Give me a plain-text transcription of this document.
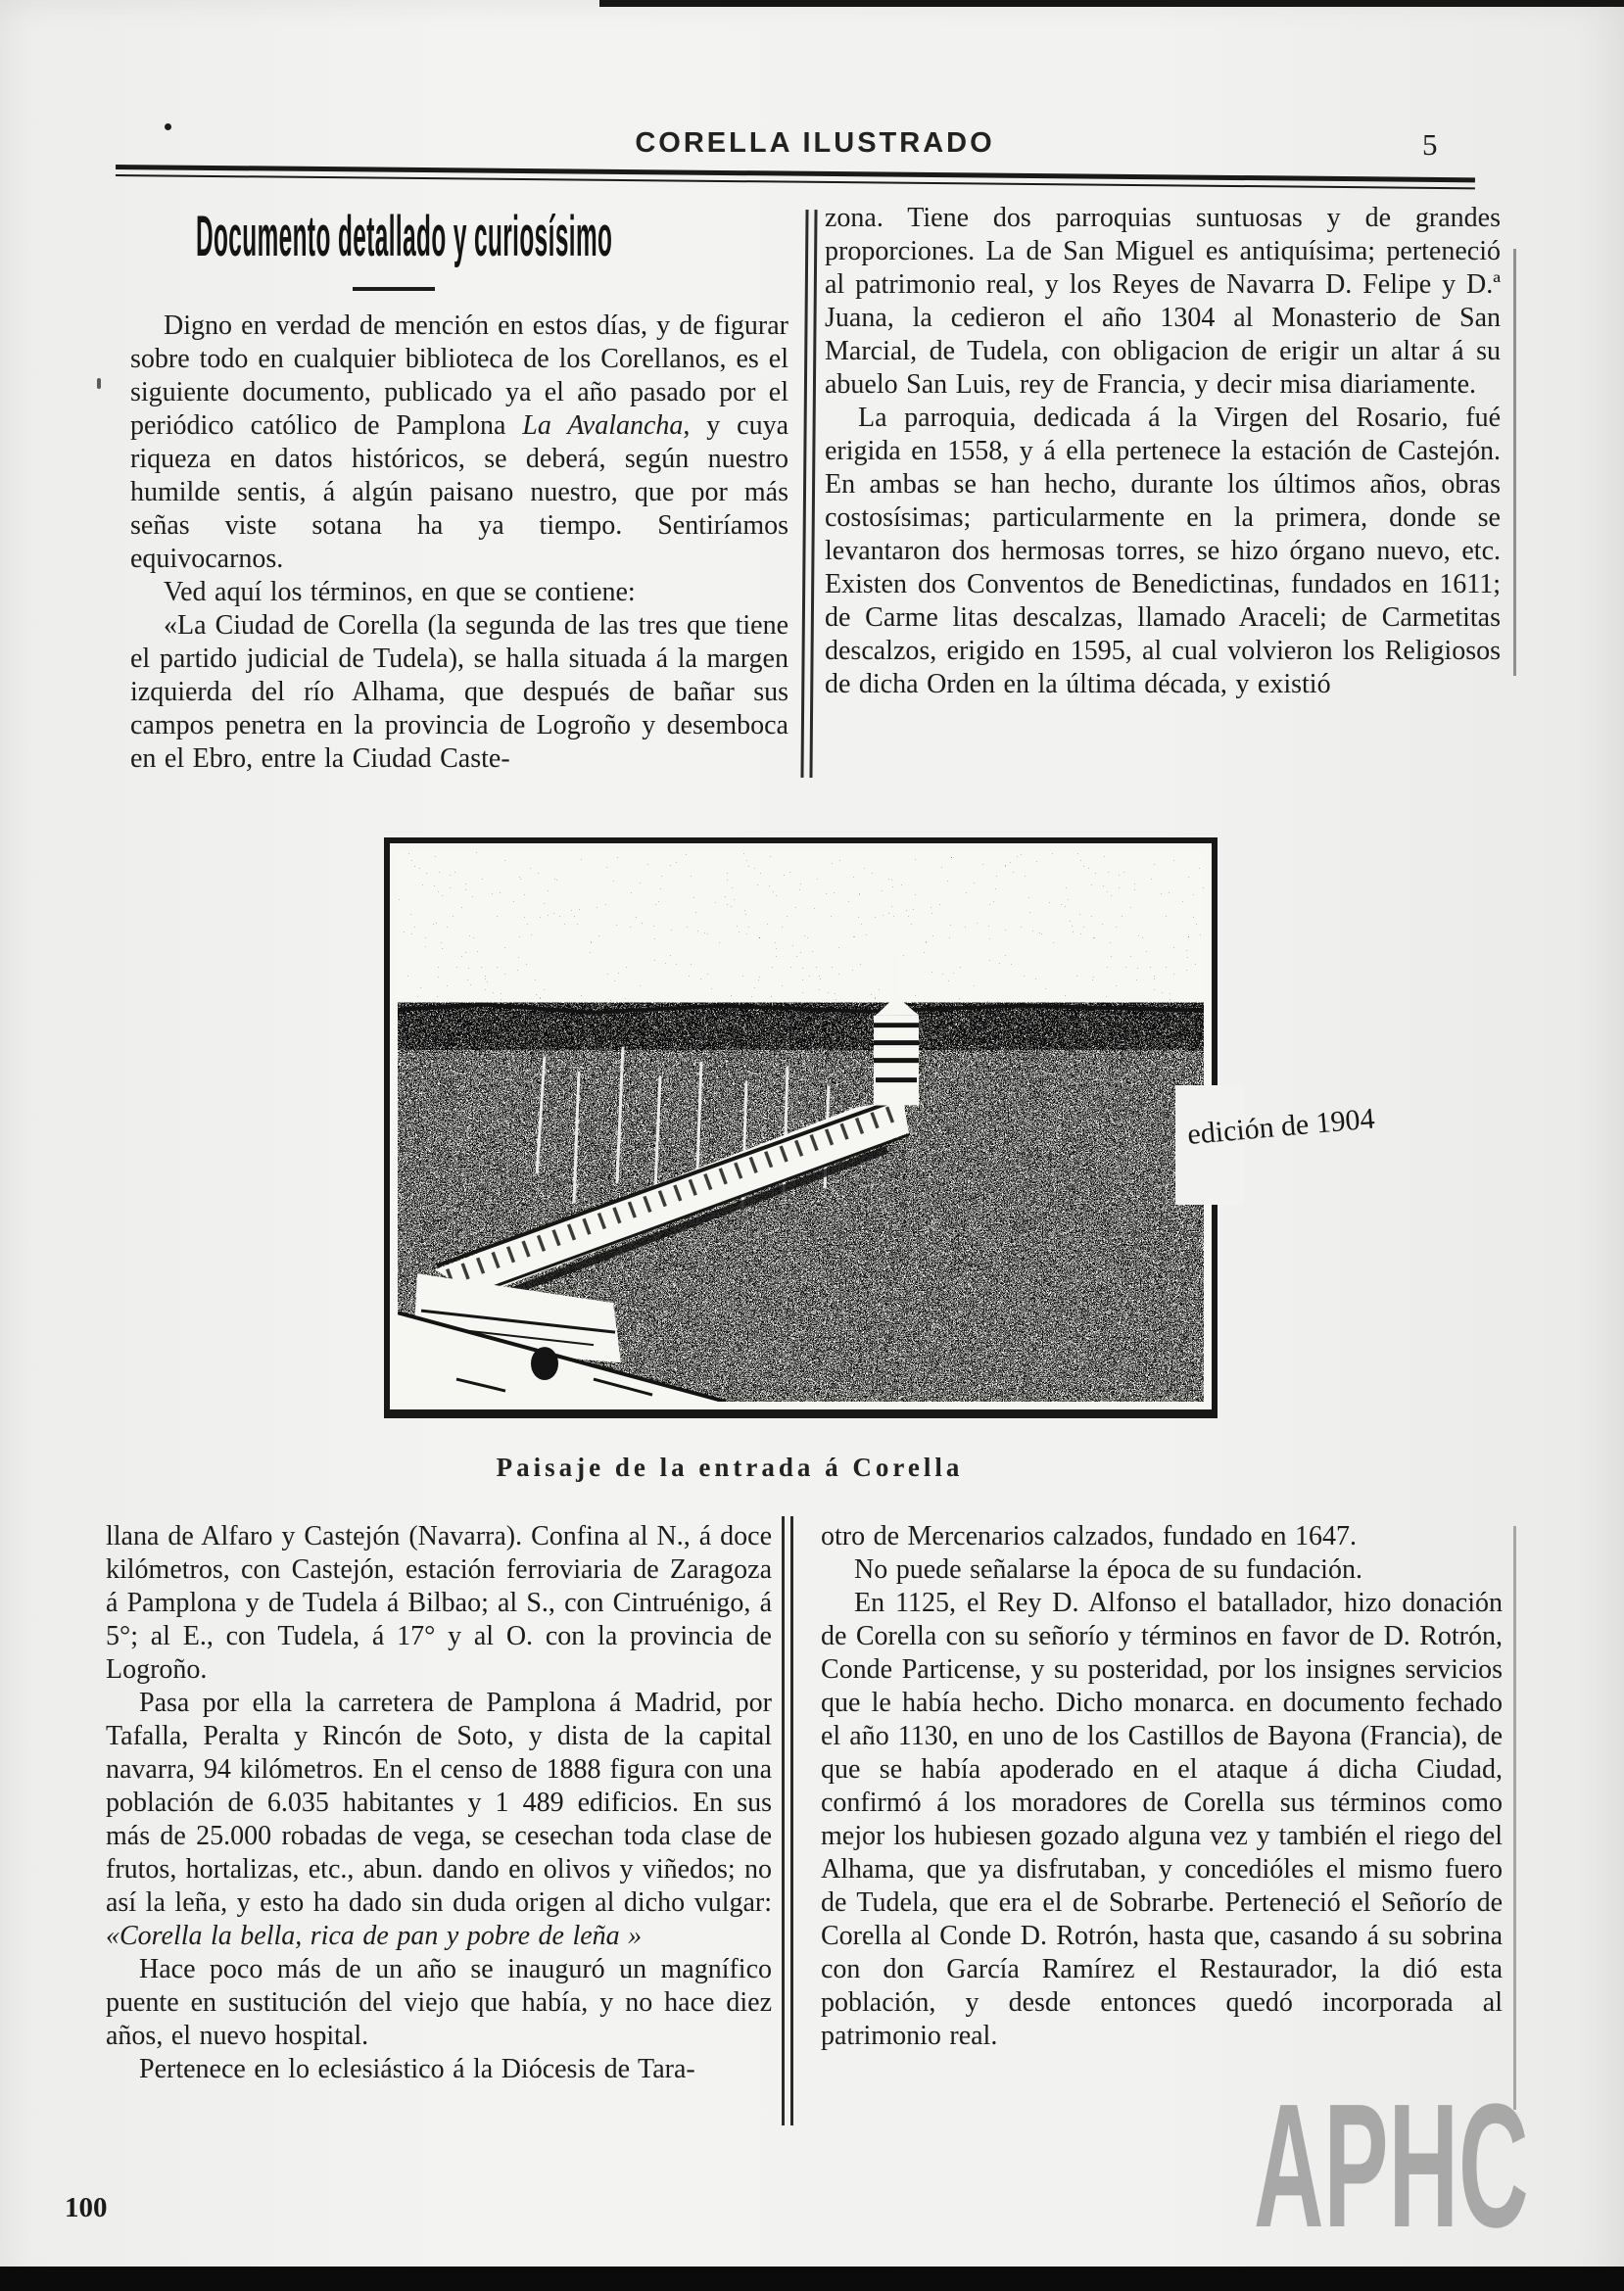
CORELLA ILUSTRADO	5
Documento detallado y curiosísimo

Digno en verdad de mención en estos días, y de figurar sobre todo en cualquier biblioteca de los Corellanos, es el siguiente documento, publicado ya el año pasado por el periódico católico de Pamplona La Avalancha, y cuya riqueza en datos históricos, se deberá, según nuestro humilde sentis, á algún paisano nuestro, que por más señas viste sotana ha ya tiempo. Sentiríamos equivocarnos.

Ved aquí los términos, en que se contiene:

«La Ciudad de Corella (la segunda de las tres que tiene el partido judicial de Tudela), se halla situada á la margen izquierda del río Alhama, que después de bañar sus campos penetra en la provincia de Logroño y desemboca en el Ebro, entre la Ciudad Caste-

zona. Tiene dos parroquias suntuosas y de grandes proporciones. La de San Miguel es antiquísima; perteneció al patrimonio real, y los Reyes de Navarra D. Felipe y D.ª Juana, la cedieron el año 1304 al Monasterio de San Marcial, de Tudela, con obligacion de erigir un altar á su abuelo San Luis, rey de Francia, y decir misa diariamente.

La parroquia, dedicada á la Virgen del Rosario, fué erigida en 1558, y á ella pertenece la estación de Castejón. En ambas se han hecho, durante los últimos años, obras costosísimas; particularmente en la primera, donde se levantaron dos hermosas torres, se hizo órgano nuevo, etc. Existen dos Conventos de Benedictinas, fundados en 1611; de Carme litas descalzas, llamado Araceli; de Carmetitas descalzos, erigido en 1595, al cual volvieron los Religiosos de dicha Orden en la última década, y existió

edición de 1904
Paisaje de la entrada á Corella

llana de Alfaro y Castejón (Navarra). Confina al N., á doce kilómetros, con Castejón, estación ferroviaria de Zaragoza á Pamplona y de Tudela á Bilbao; al S., con Cintruénigo, á 5°; al E., con Tudela, á 17° y al O. con la provincia de Logroño.

Pasa por ella la carretera de Pamplona á Madrid, por Tafalla, Peralta y Rincón de Soto, y dista de la capital navarra, 94 kilómetros. En el censo de 1888 figura con una población de 6.035 habitantes y 1 489 edificios. En sus más de 25.000 robadas de vega, se cesechan toda clase de frutos, hortalizas, etc., abun. dando en olivos y viñedos; no así la leña, y esto ha dado sin duda origen al dicho vulgar: «Corella la bella, rica de pan y pobre de leña »

Hace poco más de un año se inauguró un magnífico puente en sustitución del viejo que había, y no hace diez años, el nuevo hospital.

Pertenece en lo eclesiástico á la Diócesis de Tara-

otro de Mercenarios calzados, fundado en 1647.

No puede señalarse la época de su fundación.

En 1125, el Rey D. Alfonso el batallador, hizo donación de Corella con su señorío y términos en favor de D. Rotrón, Conde Particense, y su posteridad, por los insignes servicios que le había hecho. Dicho monarca. en documento fechado el año 1130, en uno de los Castillos de Bayona (Francia), de que se había apoderado en el ataque á dicha Ciudad, confirmó á los moradores de Corella sus términos como mejor los hubiesen gozado alguna vez y también el riego del Alhama, que ya disfrutaban, y concedióles el mismo fuero de Tudela, que era el de Sobrarbe. Perteneció el Señorío de Corella al Conde D. Rotrón, hasta que, casando á su sobrina con don García Ramírez el Restaurador, la dió esta población, y desde entonces quedó incorporada al patrimonio real.

100	APHC
